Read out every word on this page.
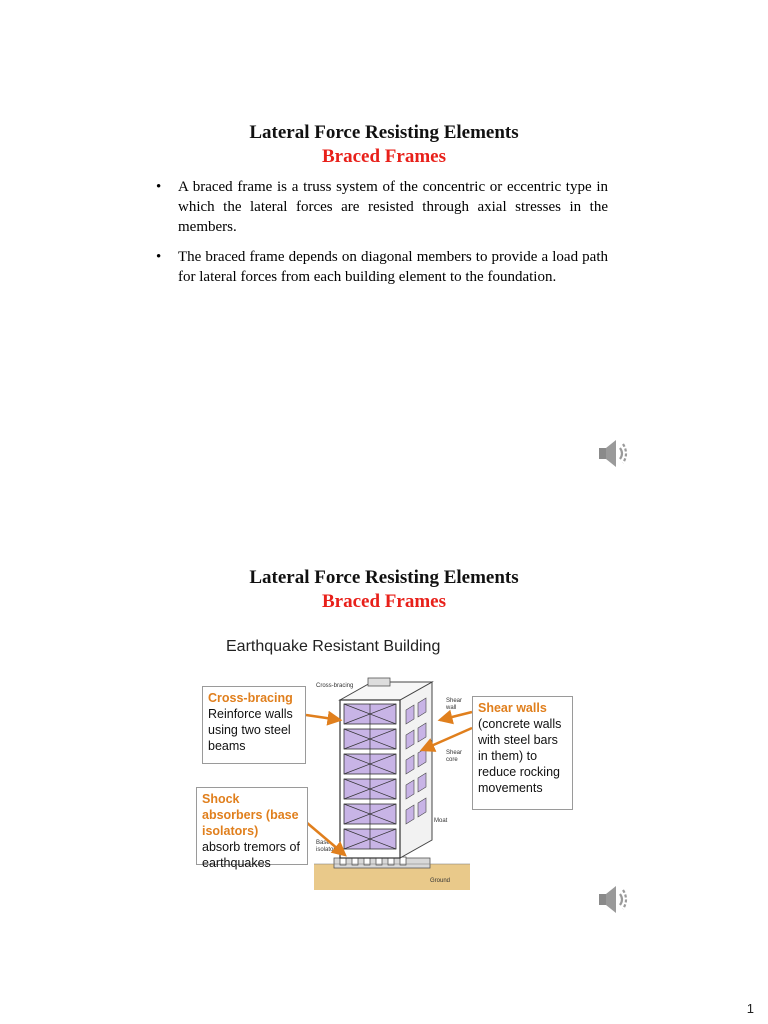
Lateral Force Resisting Elements
Braced Frames
• A braced frame is a truss system of the concentric or eccentric type in which the lateral forces are resisted through axial stresses in the members.
• The braced frame depends on diagonal members to provide a load path for lateral forces from each building element to the foundation.
Lateral Force Resisting Elements
Braced Frames
Earthquake Resistant Building
Cross-bracing
Shear wall
Shear core
Moat
Base isolator
Ground
Cross-bracing
Reinforce walls using two steel beams
Shock absorbers (base isolators)
absorb tremors of earthquakes
Shear walls
(concrete walls with steel bars in them) to reduce rocking movements
1
